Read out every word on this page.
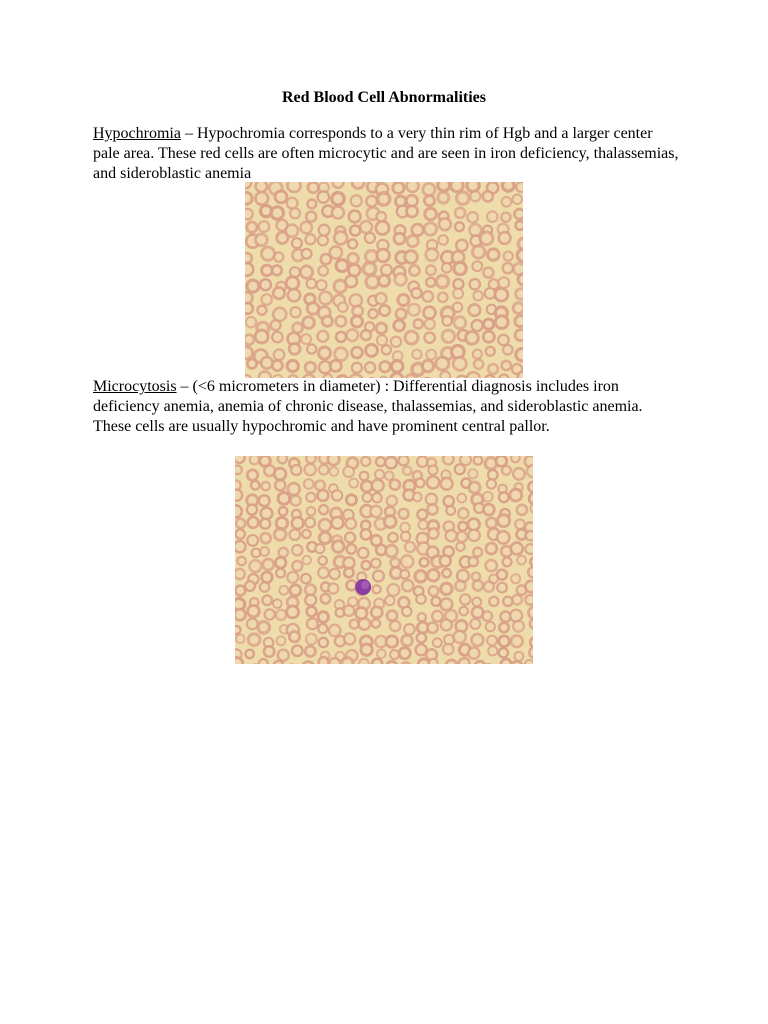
Red Blood Cell Abnormalities
Hypochromia – Hypochromia corresponds to a very thin rim of Hgb and a larger center pale area. These red cells are often microcytic and are seen in iron deficiency, thalassemias, and sideroblastic anemia
Microcytosis – (<6 micrometers in diameter) : Differential diagnosis includes iron deficiency anemia, anemia of chronic disease, thalassemias, and sideroblastic anemia. These cells are usually hypochromic and have prominent central pallor.
